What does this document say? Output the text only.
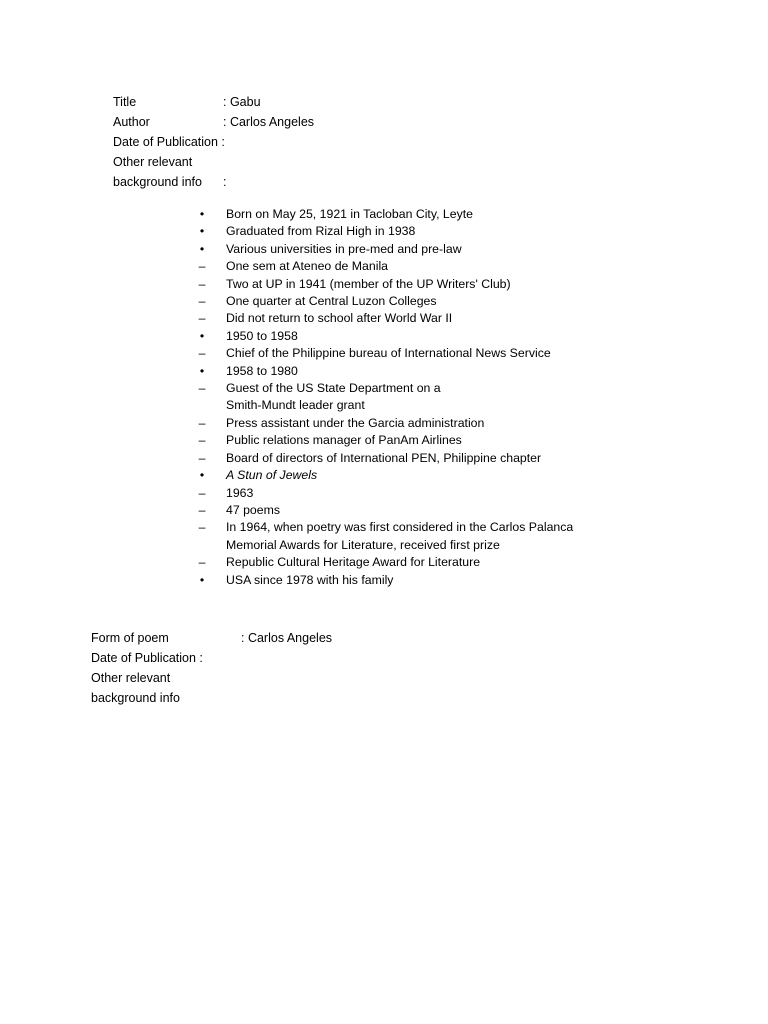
Title	: Gabu
Author	: Carlos Angeles
Date of Publication :
Other relevant
background info :
•	Born on May 25, 1921 in Tacloban City, Leyte
•	Graduated from Rizal High in 1938
•	Various universities in pre-med and pre-law
– One sem at Ateneo de Manila
– Two at UP in 1941 (member of the UP Writers' Club)
– One quarter at Central Luzon Colleges
– Did not return to school after World War II
•	1950 to 1958
– Chief of the Philippine bureau of International News Service
•	1958 to 1980
– Guest of the US State Department on a
Smith-Mundt leader grant
– Press assistant under the Garcia administration
– Public relations manager of PanAm Airlines
– Board of directors of International PEN, Philippine chapter
•	A Stun of Jewels
– 1963
– 47 poems
– In 1964, when poetry was first considered in the Carlos Palanca
Memorial Awards for Literature, received first prize
– Republic Cultural Heritage Award for Literature
•	USA since 1978 with his family
Form of poem	: Carlos Angeles
Date of Publication :
Other relevant
background info
